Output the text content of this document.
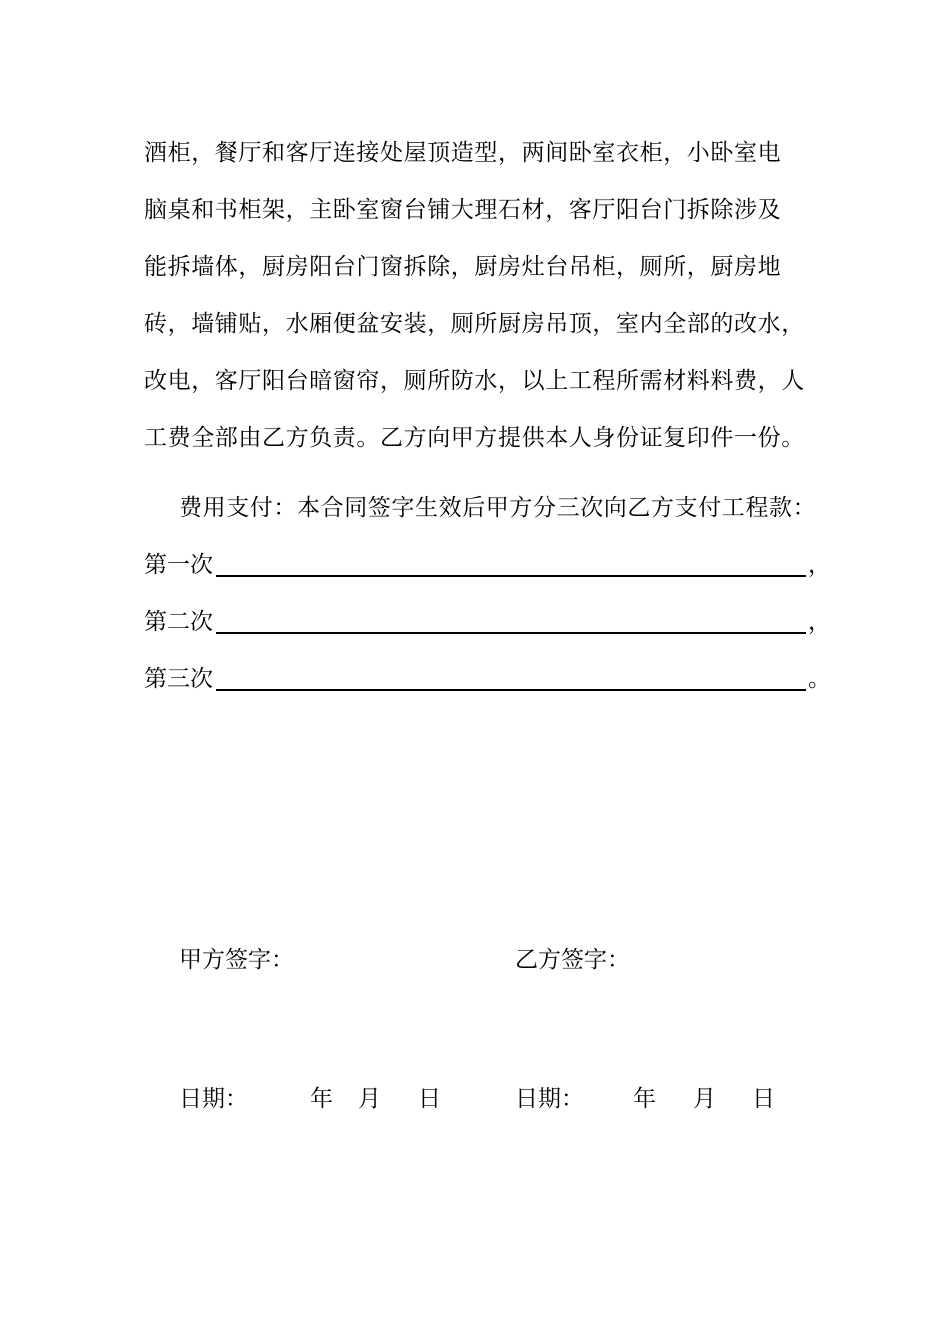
酒柜，餐厅和客厅连接处屋顶造型，两间卧室衣柜，小卧室电
脑桌和书柜架，主卧室窗台铺大理石材，客厅阳台门拆除涉及
能拆墙体，厨房阳台门窗拆除，厨房灶台吊柜，厕所，厨房地
砖，墙铺贴，水厢便盆安装，厕所厨房吊顶，室内全部的改水，
改电，客厅阳台暗窗帘，厕所防水，以上工程所需材料料费，人
工费全部由乙方负责。乙方向甲方提供本人身份证复印件一份。
费用支付：本合同签字生效后甲方分三次向乙方支付工程款：
第一次	，
第二次	，
第三次	。
甲方签字：	乙方签字：
日期：	年 月 日	日期： 年 月 日
